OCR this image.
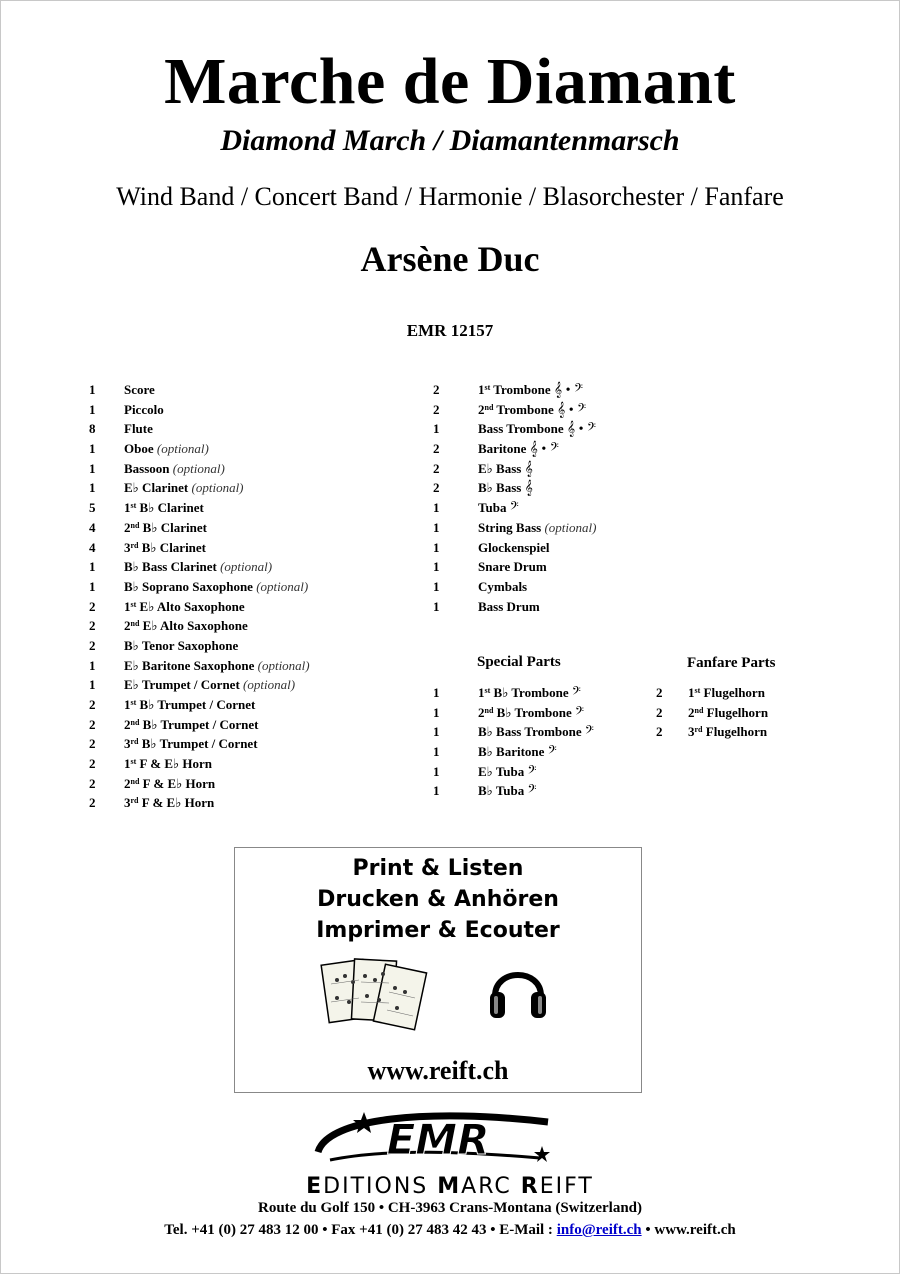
Marche de Diamant
Diamond March / Diamantenmarsch
Wind Band / Concert Band / Harmonie / Blasorchester / Fanfare
Arsène Duc
EMR 12157
1 Score
1 Piccolo
8 Flute
1 Oboe (optional)
1 Bassoon (optional)
1 E♭ Clarinet (optional)
5 1st B♭ Clarinet
4 2nd B♭ Clarinet
4 3rd B♭ Clarinet
1 B♭ Bass Clarinet (optional)
1 B♭ Soprano Saxophone (optional)
2 1st E♭ Alto Saxophone
2 2nd E♭ Alto Saxophone
2 B♭ Tenor Saxophone
1 E♭ Baritone Saxophone (optional)
1 E♭ Trumpet / Cornet (optional)
2 1st B♭ Trumpet / Cornet
2 2nd B♭ Trumpet / Cornet
2 3rd B♭ Trumpet / Cornet
2 1st F & E♭ Horn
2 2nd F & E♭ Horn
2 3rd F & E♭ Horn
2	1st Trombone 𝄞 • 𝄢
2	2nd Trombone 𝄞 • 𝄢
1	Bass Trombone 𝄞 • 𝄢
2	Baritone 𝄞 • 𝄢
2	E♭ Bass 𝄞
2	B♭ Bass 𝄞
1	Tuba 𝄢
1	String Bass (optional)
1	Glockenspiel
1	Snare Drum
1	Cymbals
1	Bass Drum
Special Parts	Fanfare Parts
1	1st B♭ Trombone 𝄢
1	2nd B♭ Trombone 𝄢
1	B♭ Bass Trombone 𝄢
1	B♭ Baritone 𝄢
1	E♭ Tuba 𝄢
1	B♭ Tuba 𝄢
2 1st Flugelhorn
2 2nd Flugelhorn
2 3rd Flugelhorn
Print & Listen
Drucken & Anhören
Imprimer & Ecouter
www.reift.ch
EMR
EDITIONS MARC REIFT
Route du Golf 150 • CH-3963 Crans-Montana (Switzerland)
Tel. +41 (0) 27 483 12 00 • Fax +41 (0) 27 483 42 43 • E-Mail : info@reift.ch • www.reift.ch
